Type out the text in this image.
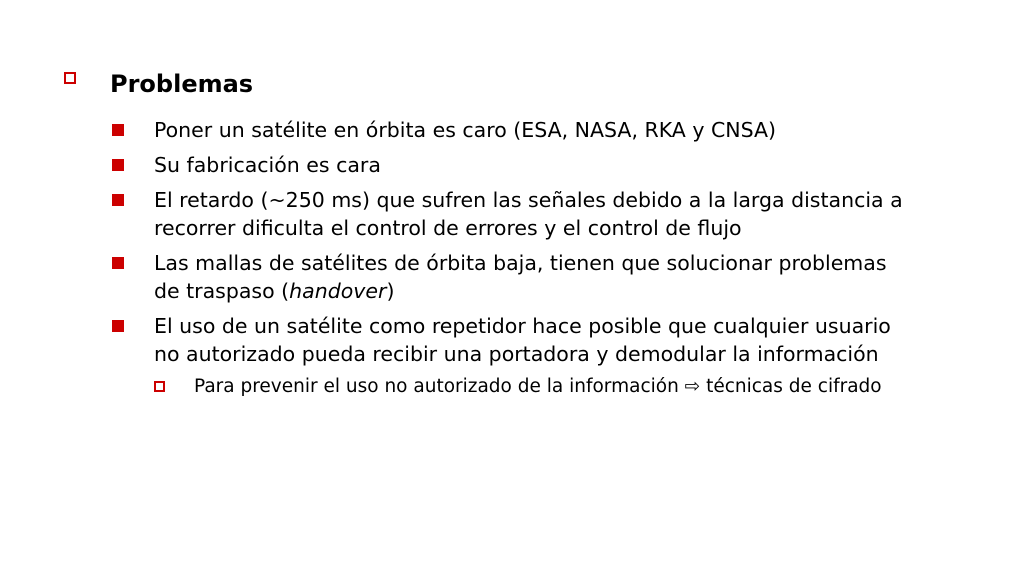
Problemas
Poner un satélite en órbita es caro (ESA, NASA, RKA y CNSA)
Su fabricación es cara
El retardo (~250 ms) que sufren las señales debido a la larga distancia a recorrer dificulta el control de errores y el control de flujo
Las mallas de satélites de órbita baja, tienen que solucionar problemas de traspaso (handover)
El uso de un satélite como repetidor hace posible que cualquier usuario no autorizado pueda recibir una portadora y demodular la información
Para prevenir el uso no autorizado de la información ⇨ técnicas de cifrado
